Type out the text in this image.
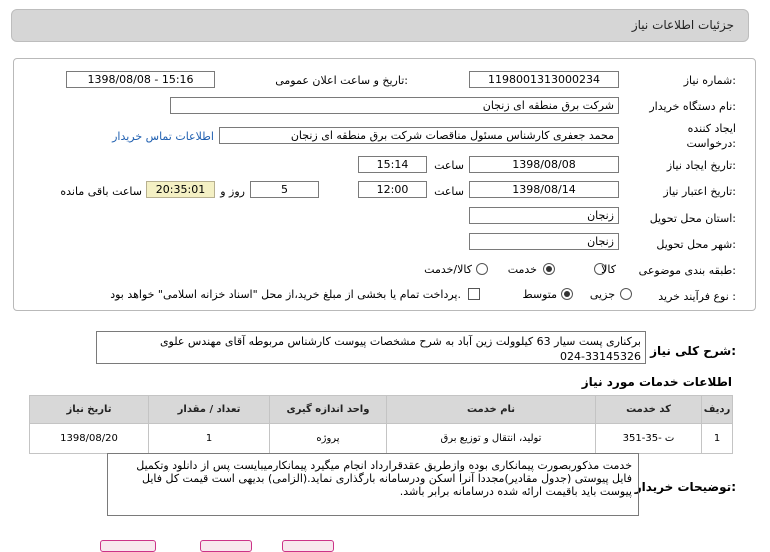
جزئیات اطلاعات نیاز
شماره نیاز:
1198001313000234
تاریخ و ساعت اعلان عمومی:
1398/08/08 - 15:16
نام دستگاه خریدار:
شرکت برق منطقه ای زنجان
ایجاد کننده
درخواست:
محمد جعفری کارشناس مسئول مناقصات شرکت برق منطقه ای زنجان
اطلاعات تماس خریدار
تاریخ ایجاد نیاز:
1398/08/08
ساعت
15:14
تاریخ اعتبار نیاز:
1398/08/14
ساعت
12:00
5
روز و
20:35:01
ساعت باقی مانده
استان محل تحویل:
زنجان
شهر محل تحویل:
زنجان
طبقه بندی موضوعی:
کالا
خدمت
کالا/خدمت
نوع فرآیند خرید :
جزیی
متوسط
پرداخت تمام یا بخشی از مبلغ خرید،از محل "اسناد خزانه اسلامی" خواهد بود.
شرح کلی نیاز:
برکناری پست سیار 63 کیلوولت زین آباد به شرح مشخصات پیوست کارشناس مربوطه آقای مهندس علوی 33145326-024
اطلاعات خدمات مورد نیاز
ردیف	کد خدمت	نام خدمت	واحد اندازه گیری	تعداد / مقدار	تاریخ نیاز
1	ت -35-351	تولید، انتقال و توزیع برق	پروژه	1	1398/08/20
توضیحات خریدار:
خدمت مذکوربصورت پیمانکاری بوده وازطریق عقدقرارداد انجام میگیرد پیمانکارمیبایست پس از دانلود وتکمیل فایل پیوستی (جدول مقادیر)مجددا آنرا اسکن ودرسامانه بارگذاری نماید.(الزامی) بدیهی است قیمت کل فایل پیوست باید باقیمت ارائه شده درسامانه برابر باشد.
